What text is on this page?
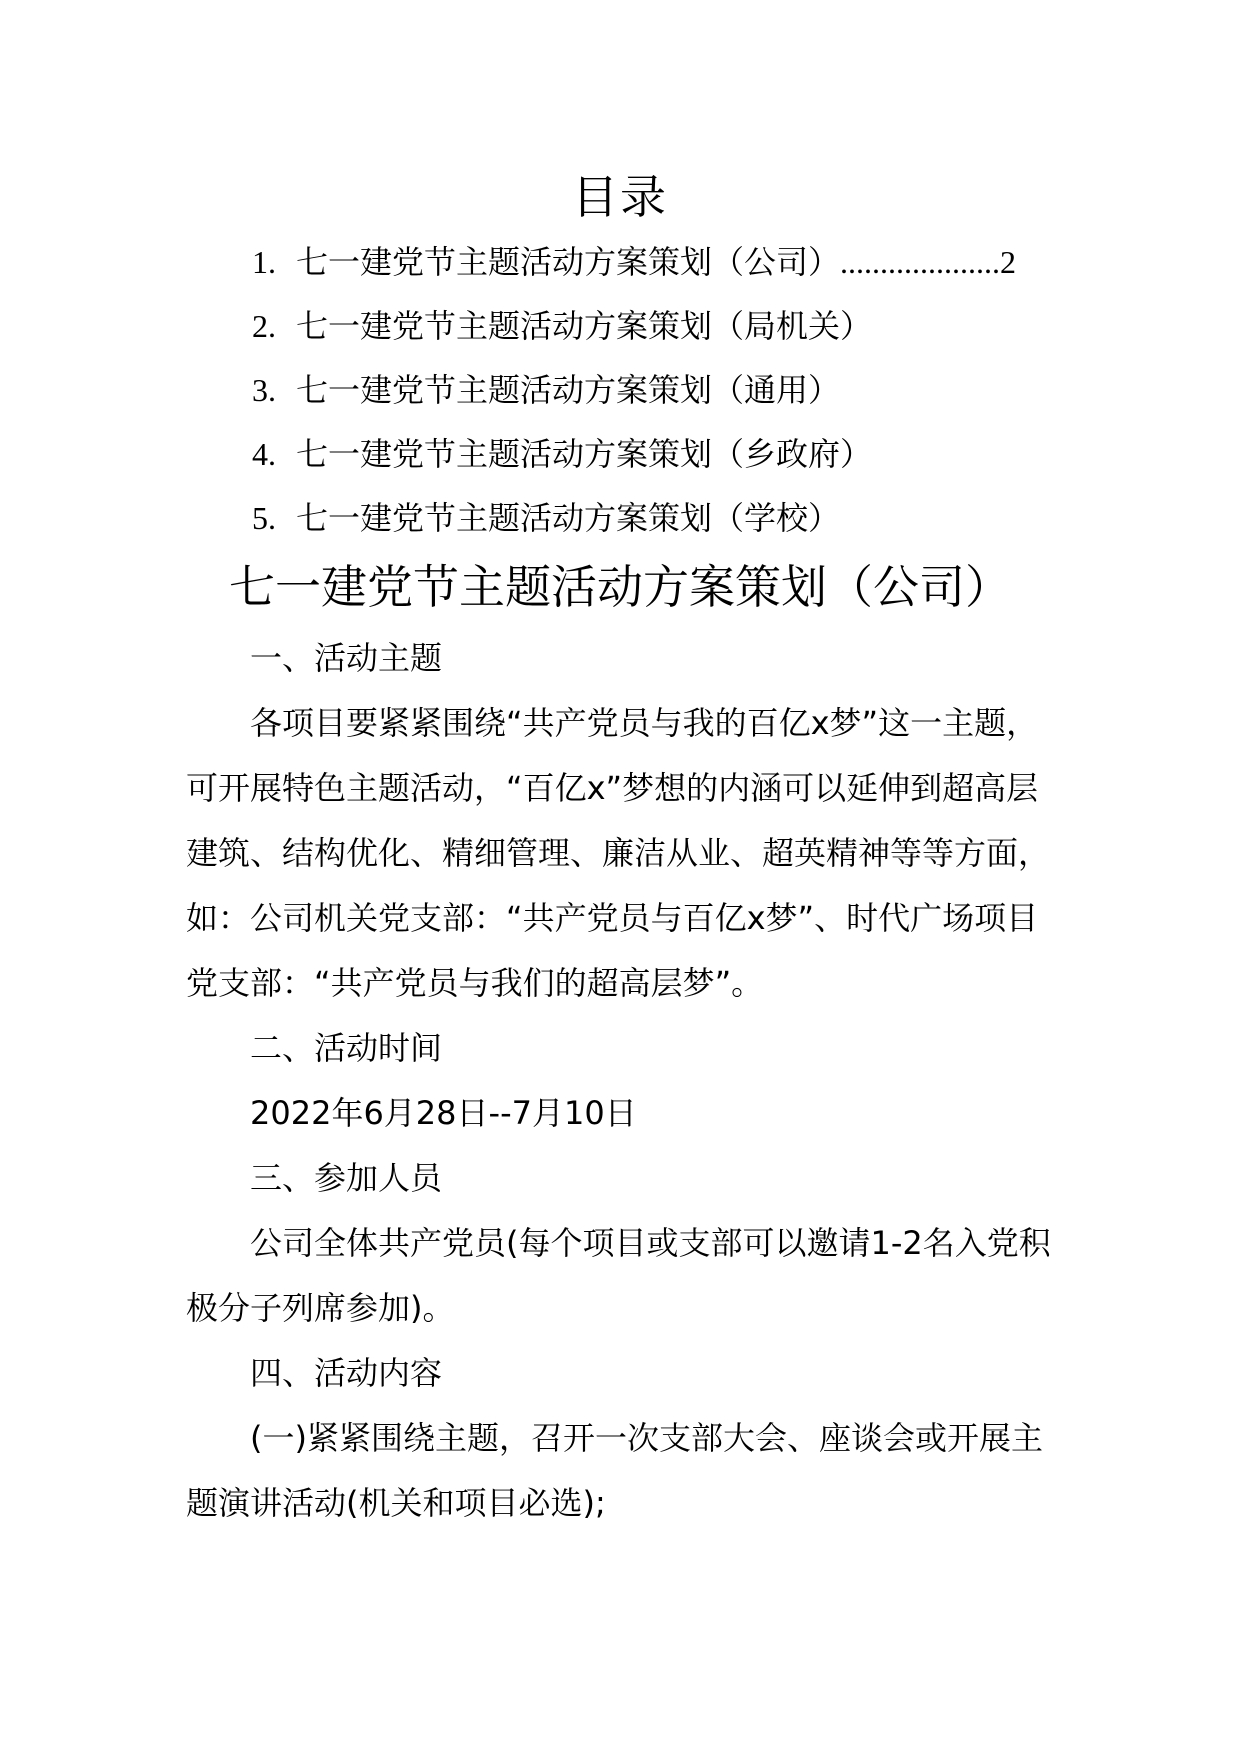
目录
1. 七一建党节主题活动方案策划（公司）....................2
2. 七一建党节主题活动方案策划（局机关）
3. 七一建党节主题活动方案策划（通用）
4. 七一建党节主题活动方案策划（乡政府）
5. 七一建党节主题活动方案策划（学校）
七一建党节主题活动方案策划（公司）

一、活动主题

各项目要紧紧围绕“共产党员与我的百亿x梦”这一主题，可开展特色主题活动，“百亿x”梦想的内涵可以延伸到超高层建筑、结构优化、精细管理、廉洁从业、超英精神等等方面，如：公司机关党支部：“共产党员与百亿x梦”、时代广场项目党支部：“共产党员与我们的超高层梦”。

二、活动时间

2022年6月28日--7月10日

三、参加人员

公司全体共产党员(每个项目或支部可以邀请1-2名入党积极分子列席参加)。

四、活动内容

(一)紧紧围绕主题，召开一次支部大会、座谈会或开展主题演讲活动(机关和项目必选);
